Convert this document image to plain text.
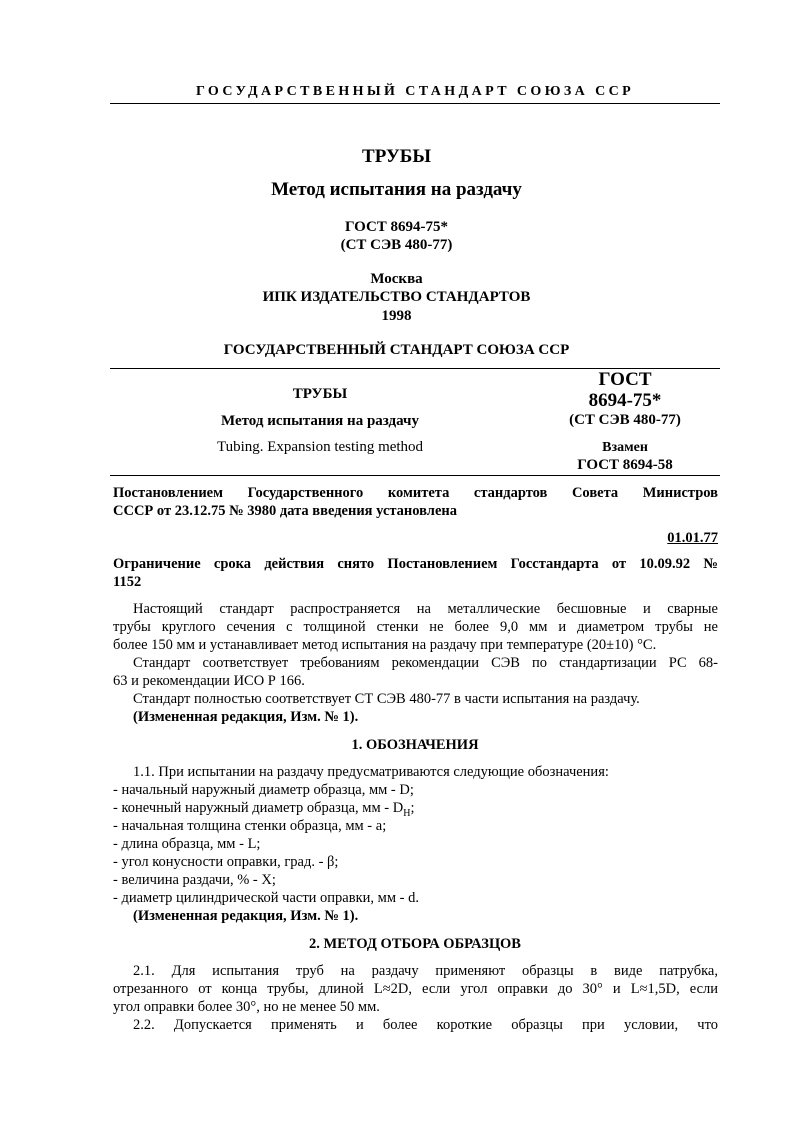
ГОСУДАРСТВЕННЫЙ СТАНДАРТ СОЮЗА ССР
ТРУБЫ
Метод испытания на раздачу
ГОСТ 8694-75*
(СТ СЭВ 480-77)
Москва
ИПК ИЗДАТЕЛЬСТВО СТАНДАРТОВ
1998
ГОСУДАРСТВЕННЫЙ СТАНДАРТ СОЮЗА ССР
ТРУБЫ
Метод испытания на раздачу
Tubing. Expansion testing method
ГОСТ
8694-75*
(СТ СЭВ 480-77)
Взамен
ГОСТ 8694-58
Постановлением Государственного комитета стандартов Совета Министров
СССР от 23.12.75 № 3980 дата введения установлена
01.01.77
Ограничение срока действия снято Постановлением Госстандарта от 10.09.92 №
1152
Настоящий стандарт распространяется на металлические бесшовные и сварные
трубы круглого сечения с толщиной стенки не более 9,0 мм и диаметром трубы не
более 150 мм и устанавливает метод испытания на раздачу при температуре (20±10) °С.
Стандарт соответствует требованиям рекомендации СЭВ по стандартизации РС 68-
63 и рекомендации ИСО Р 166.
Стандарт полностью соответствует СТ СЭВ 480-77 в части испытания на раздачу.
(Измененная редакция, Изм. № 1).
1. ОБОЗНАЧЕНИЯ
1.1. При испытании на раздачу предусматриваются следующие обозначения:
- начальный наружный диаметр образца, мм - D;
- конечный наружный диаметр образца, мм - $D_Н$;
- начальная толщина стенки образца, мм - а;
- длина образца, мм - L;
- угол конусности оправки, град. - β;
- величина раздачи, % - X;
- диаметр цилиндрической части оправки, мм - d.
(Измененная редакция, Изм. № 1).
2. МЕТОД ОТБОРА ОБРАЗЦОВ
2.1. Для испытания труб на раздачу применяют образцы в виде патрубка,
отрезанного от конца трубы, длиной L≈2D, если угол оправки до 30° и L≈1,5D, если
угол оправки более 30°, но не менее 50 мм.
2.2. Допускается применять и более короткие образцы при условии, что
